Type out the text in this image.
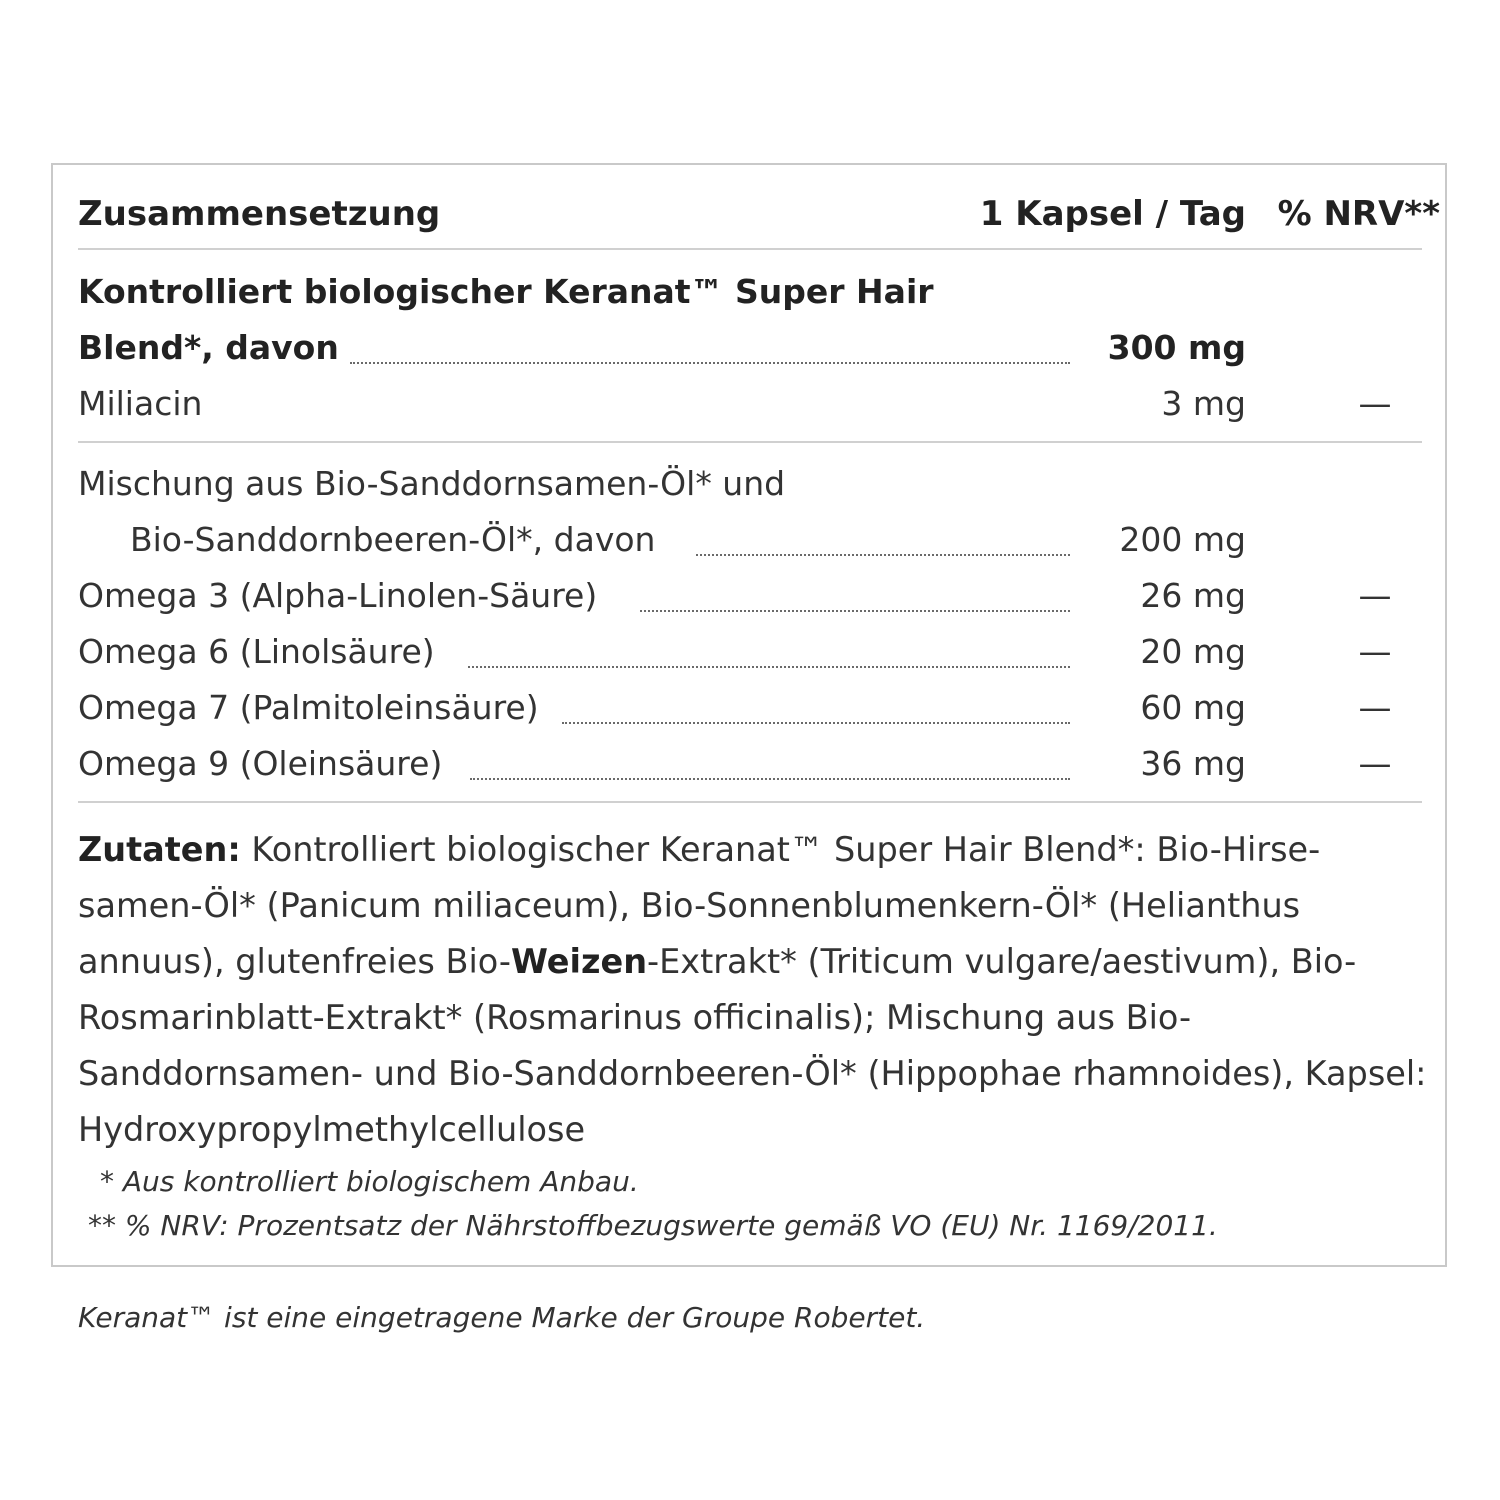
Zusammensetzung	1 Kapsel / Tag % NRV**
Kontrolliert biologischer Keranat™ Super Hair
Blend*, davon	300 mg
Miliacin	3 mg	—
Mischung aus Bio-Sanddornsamen-Öl* und
Bio-Sanddornbeeren-Öl*, davon	200 mg
Omega 3 (Alpha-Linolen-Säure)	26 mg	—
Omega 6 (Linolsäure)	20 mg	—
Omega 7 (Palmitoleinsäure)	60 mg	—
Omega 9 (Oleinsäure)	36 mg	—
Zutaten: Kontrolliert biologischer Keranat™ Super Hair Blend*: Bio-Hirse-samen-Öl* (Panicum miliaceum), Bio-Sonnenblumenkern-Öl* (Helianthus annuus), glutenfreies Bio-Weizen-Extrakt* (Triticum vulgare/aestivum), Bio-Rosmarinblatt-Extrakt* (Rosmarinus officinalis); Mischung aus Bio-Sanddornsamen- und Bio-Sanddornbeeren-Öl* (Hippophae rhamnoides), Kapsel: Hydroxypropylmethylcellulose
* Aus kontrolliert biologischem Anbau.
** % NRV: Prozentsatz der Nährstoffbezugswerte gemäß VO (EU) Nr. 1169/2011.
Keranat™ ist eine eingetragene Marke der Groupe Robertet.
